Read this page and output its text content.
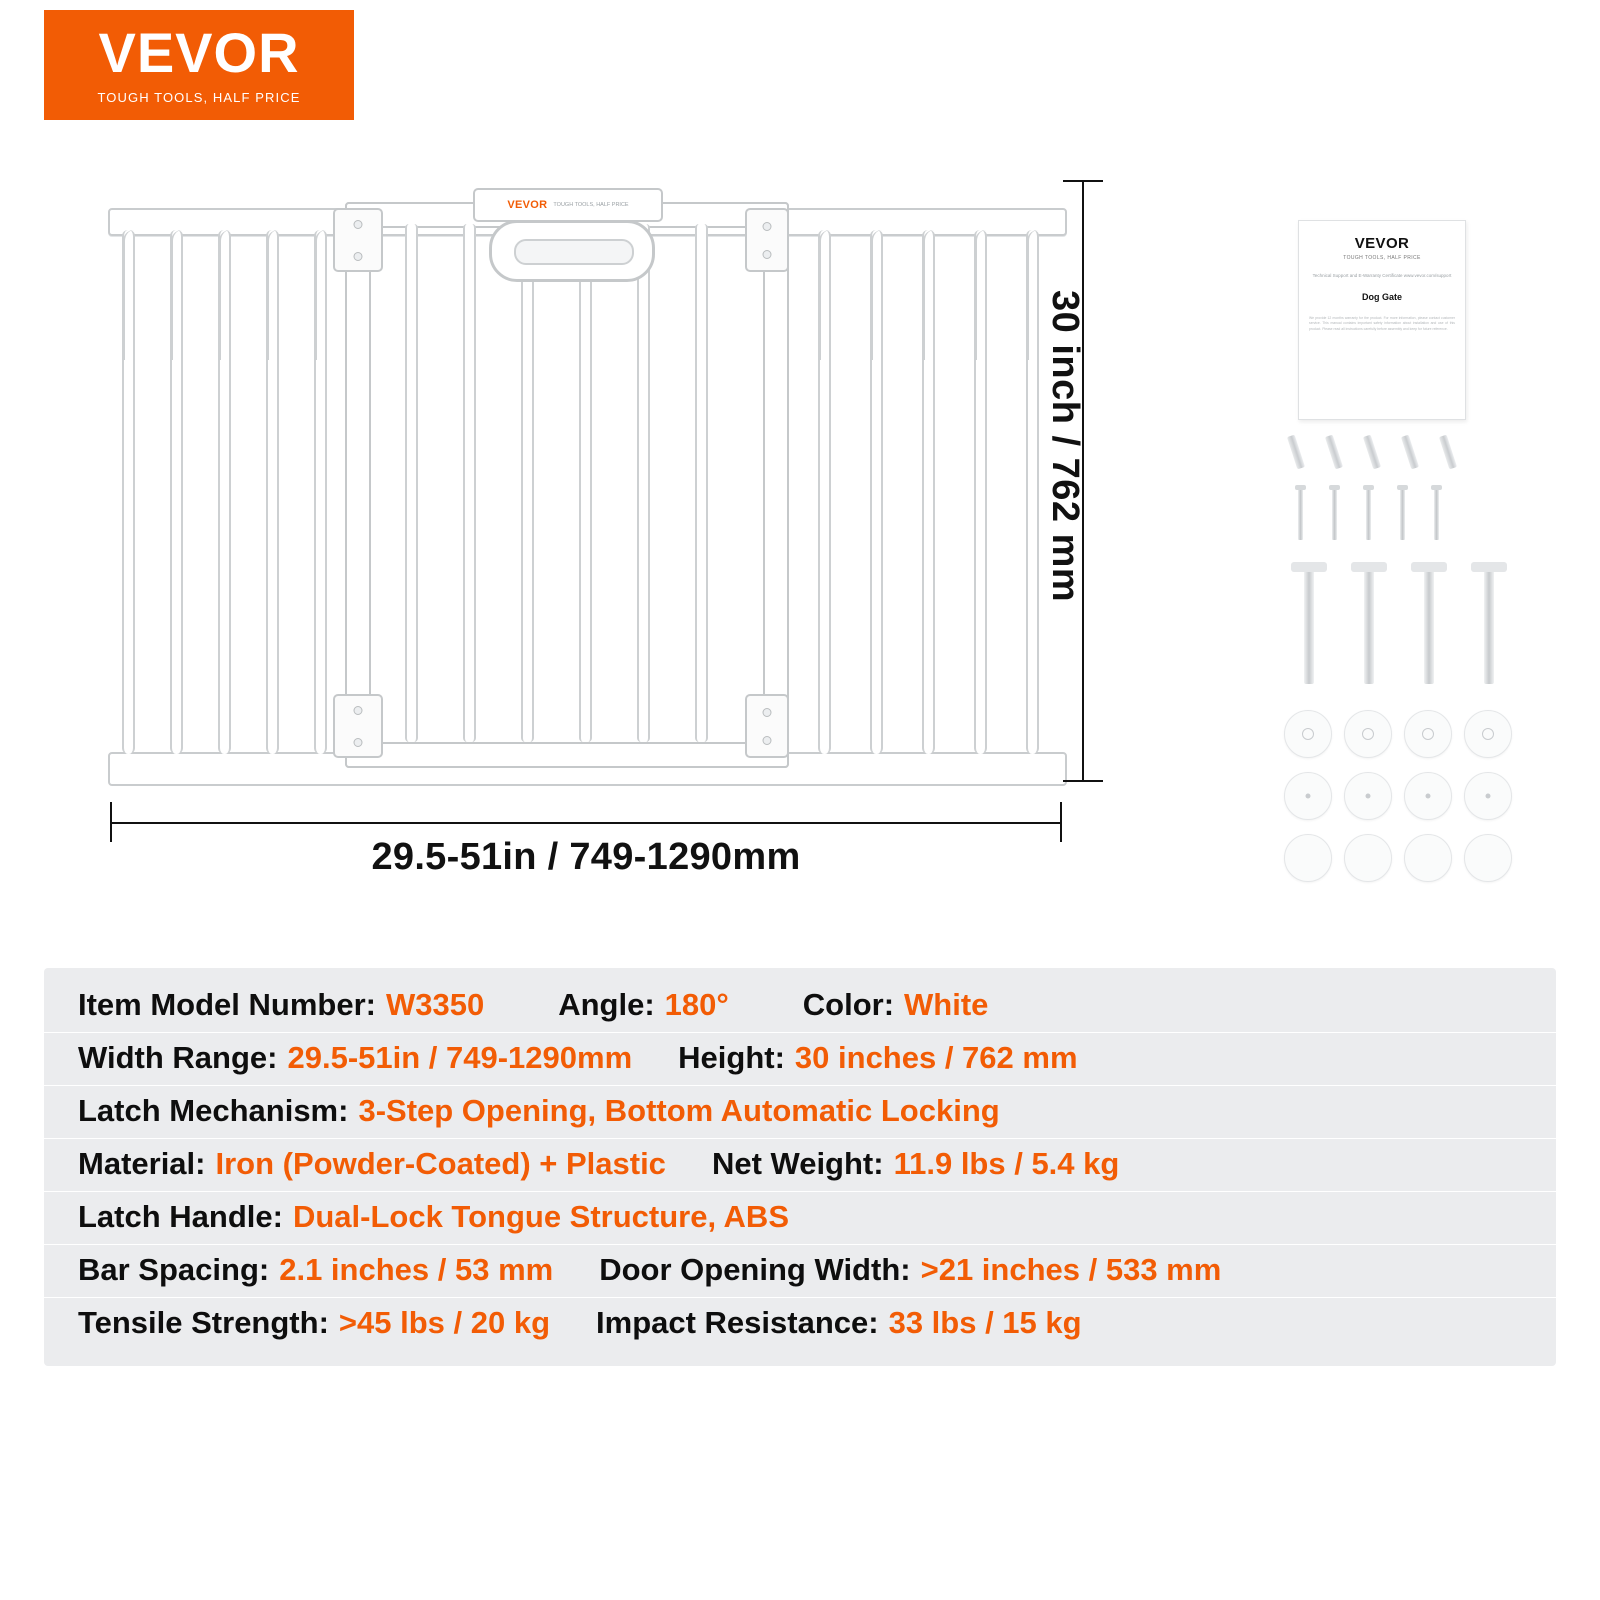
VEVOR
TOUGH TOOLS, HALF PRICE
VEVOR TOUGH TOOLS, HALF PRICE
30 inch / 762 mm
29.5-51in / 749-1290mm
VEVOR
TOUGH TOOLS, HALF PRICE
Technical Support and E-Warranty Certificate www.vevor.com/support
Dog Gate
We provide 12 months warranty for the product. For more information, please contact customer service. This manual contains important safety information about installation and use of this product. Please read all instructions carefully before assembly and keep for future reference.
Item Model Number: W3350 Angle: 180° Color: White
Width Range: 29.5-51in / 749-1290mm Height: 30 inches / 762 mm
Latch Mechanism: 3-Step Opening, Bottom Automatic Locking
Material: Iron (Powder-Coated) + Plastic Net Weight: 11.9 lbs / 5.4 kg
Latch Handle: Dual-Lock Tongue Structure, ABS
Bar Spacing: 2.1 inches / 53 mm Door Opening Width: >21 inches / 533 mm
Tensile Strength: >45 lbs / 20 kg Impact Resistance: 33 lbs / 15 kg
